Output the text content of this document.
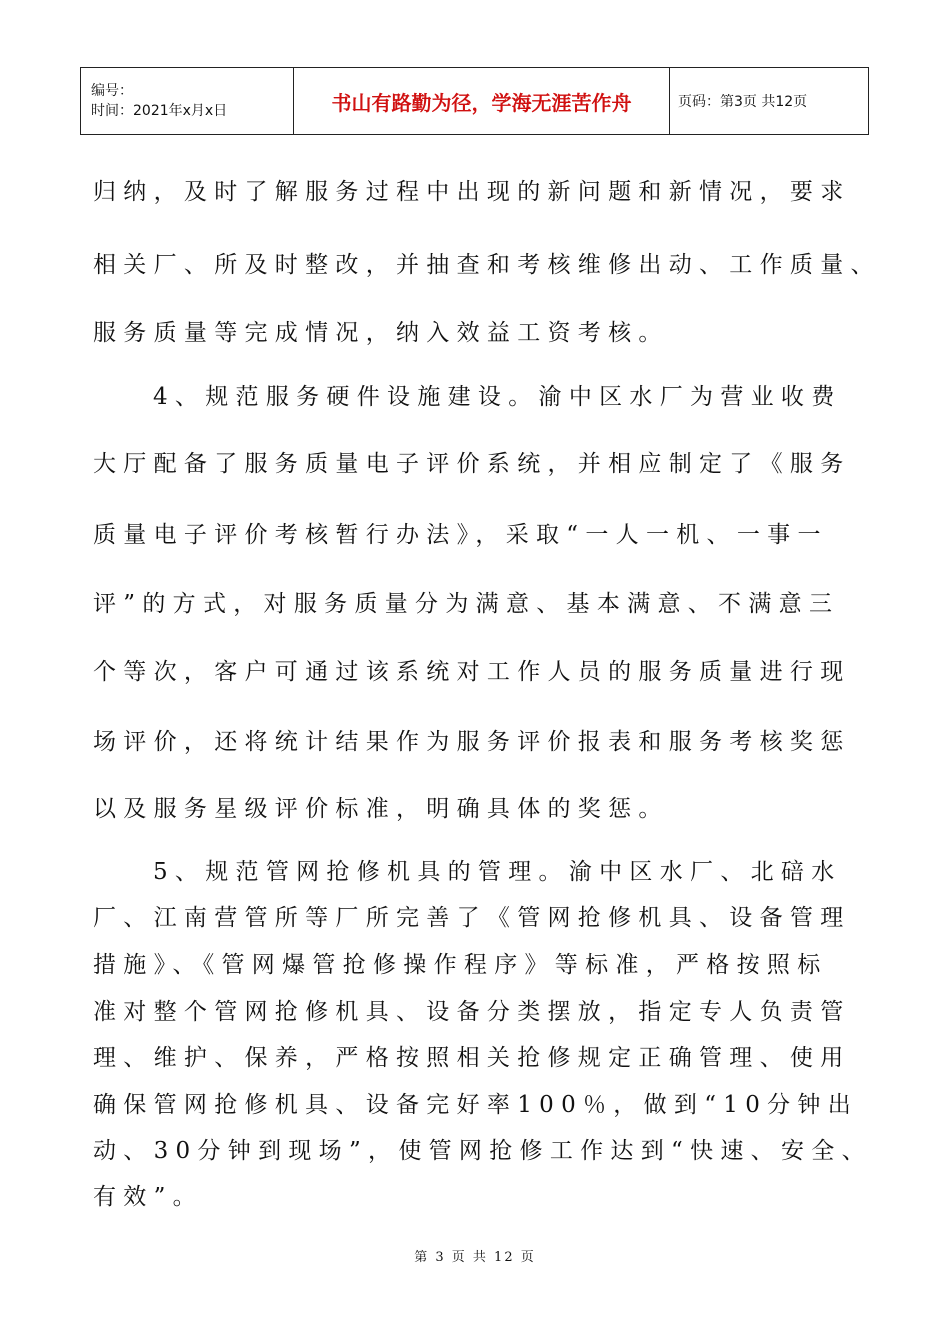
编号：
时间：2021年x月x日	书山有路勤为径，学海无涯苦作舟	页码：第3页 共12页
归纳，及时了解服务过程中出现的新问题和新情况，要求
相关厂、所及时整改，并抽查和考核维修出动、工作质量、
服务质量等完成情况，纳入效益工资考核。
4、规范服务硬件设施建设。渝中区水厂为营业收费
大厅配备了服务质量电子评价系统，并相应制定了《服务
质量电子评价考核暂行办法》，采取“一人一机、一事一
评”的方式，对服务质量分为满意、基本满意、不满意三
个等次，客户可通过该系统对工作人员的服务质量进行现
场评价，还将统计结果作为服务评价报表和服务考核奖惩
以及服务星级评价标准，明确具体的奖惩。
5、规范管网抢修机具的管理。渝中区水厂、北碚水
厂、江南营管所等厂所完善了《管网抢修机具、设备管理
措施》、《管网爆管抢修操作程序》等标准，严格按照标
准对整个管网抢修机具、设备分类摆放，指定专人负责管
理、维护、保养，严格按照相关抢修规定正确管理、使用
确保管网抢修机具、设备完好率100％，做到“10分钟出
动、30分钟到现场”，使管网抢修工作达到“快速、安全、
有效”。
第 3 页 共 12 页
